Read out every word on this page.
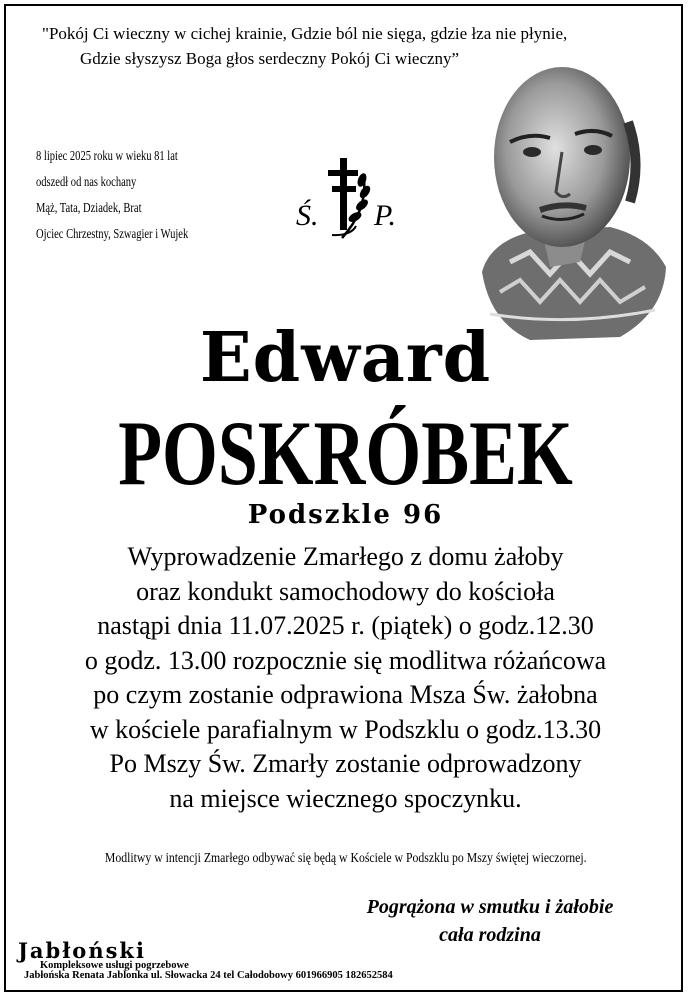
"Pokój Ci wieczny w cichej krainie, Gdzie ból nie sięga, gdzie łza nie płynie,
Gdzie słyszysz Boga głos serdeczny Pokój Ci wieczny”
8 lipiec 2025 roku w wieku 81 lat
odszedł od nas kochany
Mąż, Tata, Dziadek, Brat
Ojciec Chrzestny, Szwagier i Wujek
Ś. P.
Edward
POSKRÓBEK
Podszkle 96
Wyprowadzenie Zmarłego z domu żałoby
oraz kondukt samochodowy do kościoła
nastąpi dnia 11.07.2025 r. (piątek) o godz.12.30
o godz. 13.00 rozpocznie się modlitwa różańcowa
po czym zostanie odprawiona Msza Św. żałobna
w kościele parafialnym w Podszklu o godz.13.30
Po Mszy Św. Zmarły zostanie odprowadzony
na miejsce wiecznego spoczynku.
Modlitwy w intencji Zmarłego odbywać się będą w Kościele w Podszklu po Mszy świętej wieczornej.
Pogrążona w smutku i żałobie
cała rodzina
Jabłoński
Kompleksowe usługi pogrzebowe
Jabłońska Renata Jablonka ul. Słowacka 24 tel Całodobowy 601966905 182652584
